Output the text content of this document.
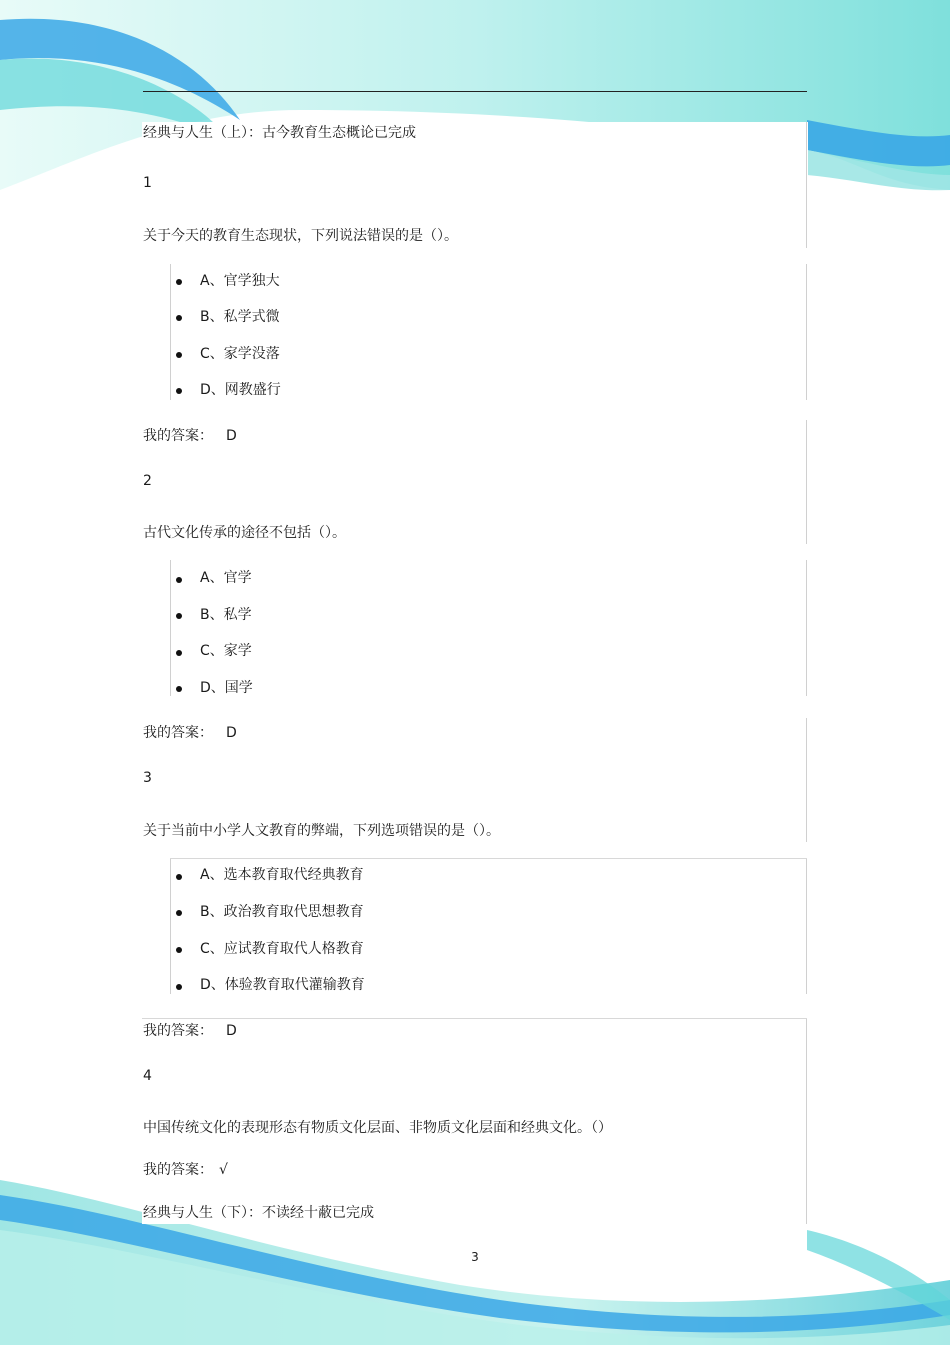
经典与人生（上）：古今教育生态概论已完成
1
关于今天的教育生态现状，下列说法错误的是（）。
A、官学独大
B、私学式微
C、家学没落
D、网教盛行
我的答案： D
2
古代文化传承的途径不包括（）。
A、官学
B、私学
C、家学
D、国学
我的答案： D
3
关于当前中小学人文教育的弊端，下列选项错误的是（）。
A、选本教育取代经典教育
B、政治教育取代思想教育
C、应试教育取代人格教育
D、体验教育取代灌输教育
我的答案： D
4
中国传统文化的表现形态有物质文化层面、非物质文化层面和经典文化。（）
我的答案： √
经典与人生（下）：不读经十蔽已完成
3
